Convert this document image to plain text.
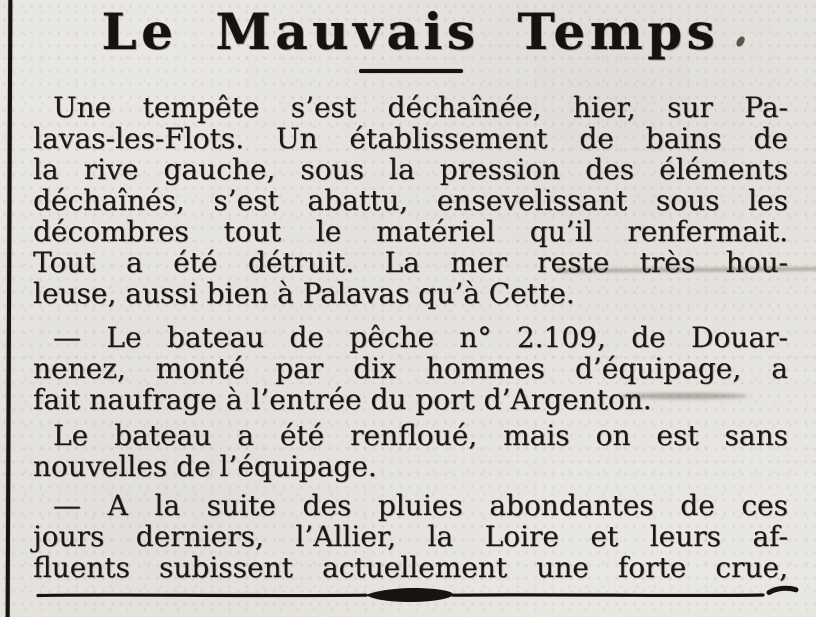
Le Mauvais Temps
Une tempête s’est déchaînée, hier, sur Pa-
lavas-les-Flots. Un établissement de bains de
la rive gauche, sous la pression des éléments
déchaînés, s’est abattu, ensevelissant sous les
décombres tout le matériel qu’il renfermait.
Tout a été détruit. La mer reste très hou-
leuse, aussi bien à Palavas qu’à Cette.
— Le bateau de pêche n° 2.109, de Douar-
nenez, monté par dix hommes d’équipage, a
fait naufrage à l’entrée du port d’Argenton.
Le bateau a été renfloué, mais on est sans
nouvelles de l’équipage.
— A la suite des pluies abondantes de ces
jours derniers, l’Allier, la Loire et leurs af-
fluents subissent actuellement une forte crue,
